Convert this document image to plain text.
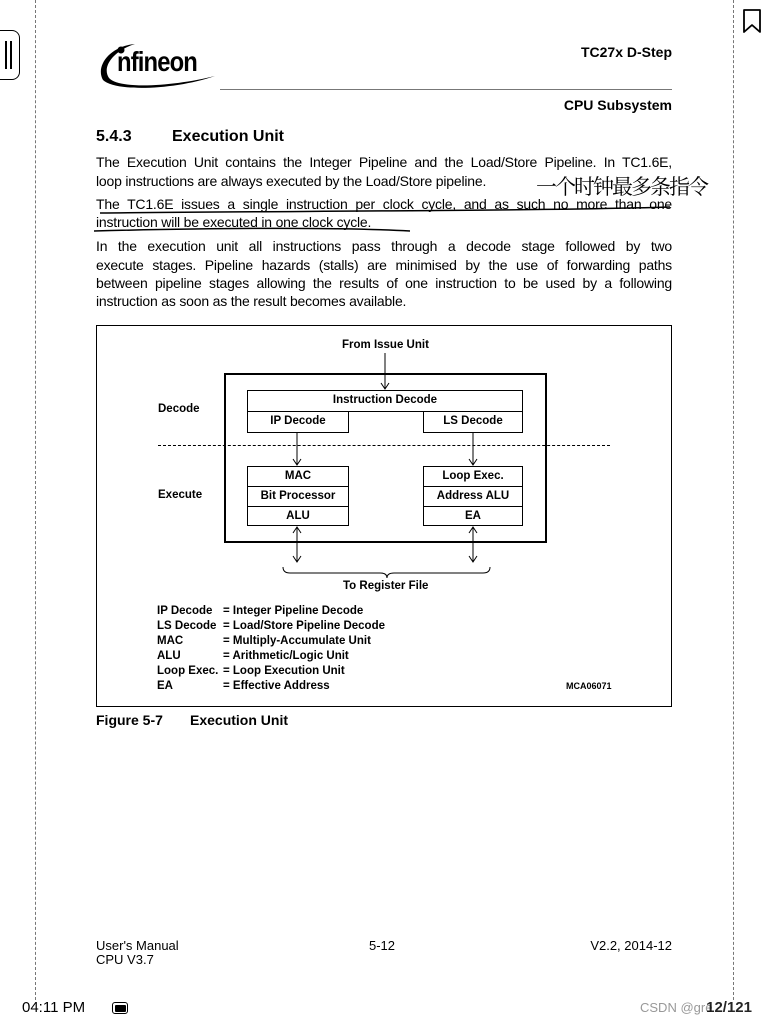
nfineon	TC27x D-Step
CPU Subsystem
5.4.3	Execution Unit
The Execution Unit contains the Integer Pipeline and the Load/Store Pipeline. In TC1.6E,
loop instructions are always executed by the Load/Store pipeline.	一个时钟最多条指令
The TC1.6E issues a single instruction per clock cycle, and as such no more than one
instruction will be executed in one clock cycle.
In the execution unit all instructions pass through a decode stage followed by two
execute stages. Pipeline hazards (stalls) are minimised by the use of forwarding paths
between pipeline stages allowing the results of one instruction to be used by a following
instruction as soon as the result becomes available.
From Issue Unit
Instruction Decode
IP Decode	LS Decode
Decode
Execute
MAC
Bit Processor
ALU
Loop Exec.
Address ALU
EA
To Register File
IP Decode = Integer Pipeline Decode
LS Decode = Load/Store Pipeline Decode
MAC	= Multiply-Accumulate Unit
ALU	= Arithmetic/Logic Unit
Loop Exec. = Loop Execution Unit
EA	= Effective Address	MCA06071
Figure 5-7 Execution Unit
User's Manual
CPU V3.7
5-12	V2.2, 2014-12
04:11 PM	CSDN @gre
12/121
